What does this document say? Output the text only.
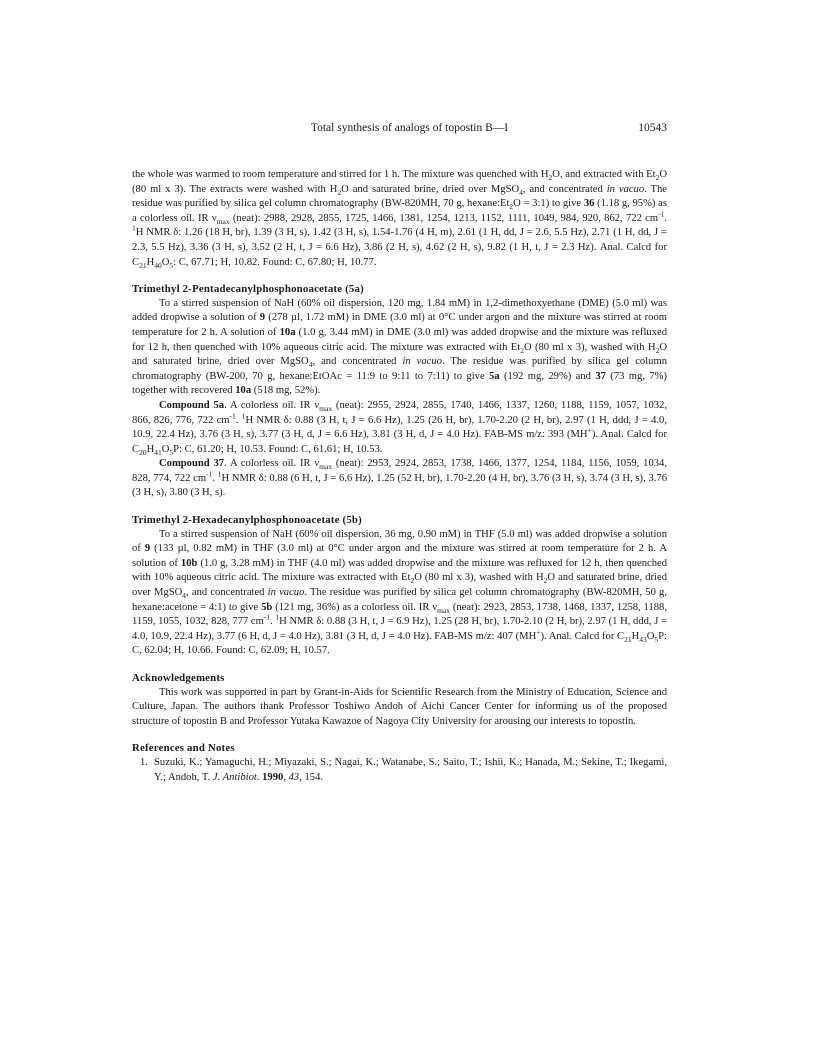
Total synthesis of analogs of topostin B—I	10543

the whole was warmed to room temperature and stirred for 1 h. The mixture was quenched with $H_2O$, and extracted with $Et_2O$ (80 ml x 3). The extracts were washed with $H_2O$ and saturated brine, dried over MgSO$_4$, and concentrated in vacuo. The residue was purified by silica gel column chromatography (BW-820MH, 70 g, $hexane:Et_2O$ = 3:1) to give 36 (1.18 g, 95%) as a colorless oil. IR $\nu_{max}$ (neat): 2988, 2928, 2855, 1725, 1466, 1381, 1254, 1213, 1152, 1111, 1049, 984, 920, 862, 722 $cm^{-1}$. $^1$H NMR δ: 1.26 (18 H, br), 1.39 (3 H, s), 1.42 (3 H, s), 1.54-1.76 (4 H, m), 2.61 (1 H, dd, J = 2.6, 5.5 Hz), 2.71 (1 H, dd, J = 2.3, 5.5 Hz), 3.36 (3 H, s), 3.52 (2 H, t, J = 6.6 Hz), 3.86 (2 H, s), 4.62 (2 H, s), 9.82 (1 H, t, J = 2.3 Hz). Anal. Calcd for $C_{21}H_{40}O_5$: C, 67.71; H, 10.82. Found: C, 67.80; H, 10.77.

Trimethyl 2-Pentadecanylphosphonoacetate (5a)

To a stirred suspension of NaH (60% oil dispersion, 120 mg, 1.84 mM) in 1,2-dimethoxyethane (DME) (5.0 ml) was added dropwise a solution of 9 (278 µl, 1.72 mM) in DME (3.0 ml) at 0°C under argon and the mixture was stirred at room temperature for 2 h. A solution of 10a (1.0 g, 3.44 mM) in DME (3.0 ml) was added dropwise and the mixture was refluxed for 12 h, then quenched with 10% aqueous citric acid. The mixture was extracted with $Et_2O$ (80 ml x 3), washed with $H_2O$ and saturated brine, dried over MgSO$_4$, and concentrated in vacuo. The residue was purified by silica gel column chromatography (BW-200, 70 g, hexane:EtOAc = 11:9 to 9:11 to 7:11) to give 5a (192 mg, 29%) and 37 (73 mg, 7%) together with recovered 10a (518 mg, 52%).

Compound 5a. A colorless oil. IR $\nu_{max}$ (neat): 2955, 2924, 2855, 1740, 1466, 1337, 1260, 1188, 1159, 1057, 1032, 866, 826, 776, 722 $cm^{-1}$. $^1$H NMR δ: 0.88 (3 H, t, J = 6.6 Hz), 1.25 (26 H, br), 1.70-2.20 (2 H, br), 2.97 (1 H, ddd, J = 4.0, 10.9, 22.4 Hz), 3.76 (3 H, s), 3.77 (3 H, d, J = 6.6 Hz), 3.81 (3 H, d, J = 4.0 Hz). FAB-MS m/z: 393 (MH+). Anal. Calcd for $C_{20}H_{41}O_5P$: C, 61.20; H, 10.53. Found: C, 61.61; H, 10.53.

Compound 37. A colorless oil. IR $\nu_{max}$ (neat): 2953, 2924, 2853, 1738, 1466, 1377, 1254, 1184, 1156, 1059, 1034, 828, 774, 722 $cm^{-1}$. $^1$H NMR δ: 0.88 (6 H, t, J = 6.6 Hz), 1.25 (52 H, br), 1.70-2.20 (4 H, br), 3.76 (3 H, s), 3.74 (3 H, s), 3.76 (3 H, s), 3.80 (3 H, s).

Trimethyl 2-Hexadecanylphosphonoacetate (5b)

To a stirred suspension of NaH (60% oil dispersion, 36 mg, 0.90 mM) in THF (5.0 ml) was added dropwise a solution of 9 (133 µl, 0.82 mM) in THF (3.0 ml) at 0°C under argon and the mixture was stirred at room temperature for 2 h. A solution of 10b (1.0 g, 3.28 mM) in THF (4.0 ml) was added dropwise and the mixture was refluxed for 12 h, then quenched with 10% aqueous citric acid. The mixture was extracted with $Et_2O$ (80 ml x 3), washed with $H_2O$ and saturated brine, dried over MgSO$_4$, and concentrated in vacuo. The residue was purified by silica gel column chromatography (BW-820MH, 50 g, hexane:acetone = 4:1) to give 5b (121 mg, 36%) as a colorless oil. IR $\nu_{max}$ (neat): 2923, 2853, 1738, 1468, 1337, 1258, 1188, 1159, 1055, 1032, 828, 777 $cm^{-1}$. $^1$H NMR δ: 0.88 (3 H, t, J = 6.9 Hz), 1.25 (28 H, br), 1.70-2.10 (2 H, br), 2.97 (1 H, ddd, J = 4.0, 10.9, 22.4 Hz), 3.77 (6 H, d, J = 4.0 Hz), 3.81 (3 H, d, J = 4.0 Hz). FAB-MS m/z: 407 (MH+). Anal. Calcd for $C_{21}H_{43}O_5P$: C, 62.04; H, 10.66. Found: C, 62.09; H, 10.57.

Acknowledgements

This work was supported in part by Grant-in-Aids for Scientific Research from the Ministry of Education, Science and Culture, Japan. The authors thank Professor Toshiwo Andoh of Aichi Cancer Center for informing us of the proposed structure of topostin B and Professor Yutaka Kawazoe of Nagoya City University for arousing our interests to topostin.

References and Notes

1. Suzuki, K.; Yamaguchi, H.; Miyazaki, S.; Nagai, K.; Watanabe, S.; Saito, T.; Ishii, K.; Hanada, M.; Sekine, T.; Ikegami, Y.; Andoh, T. J. Antibiot. 1990, 43, 154.
